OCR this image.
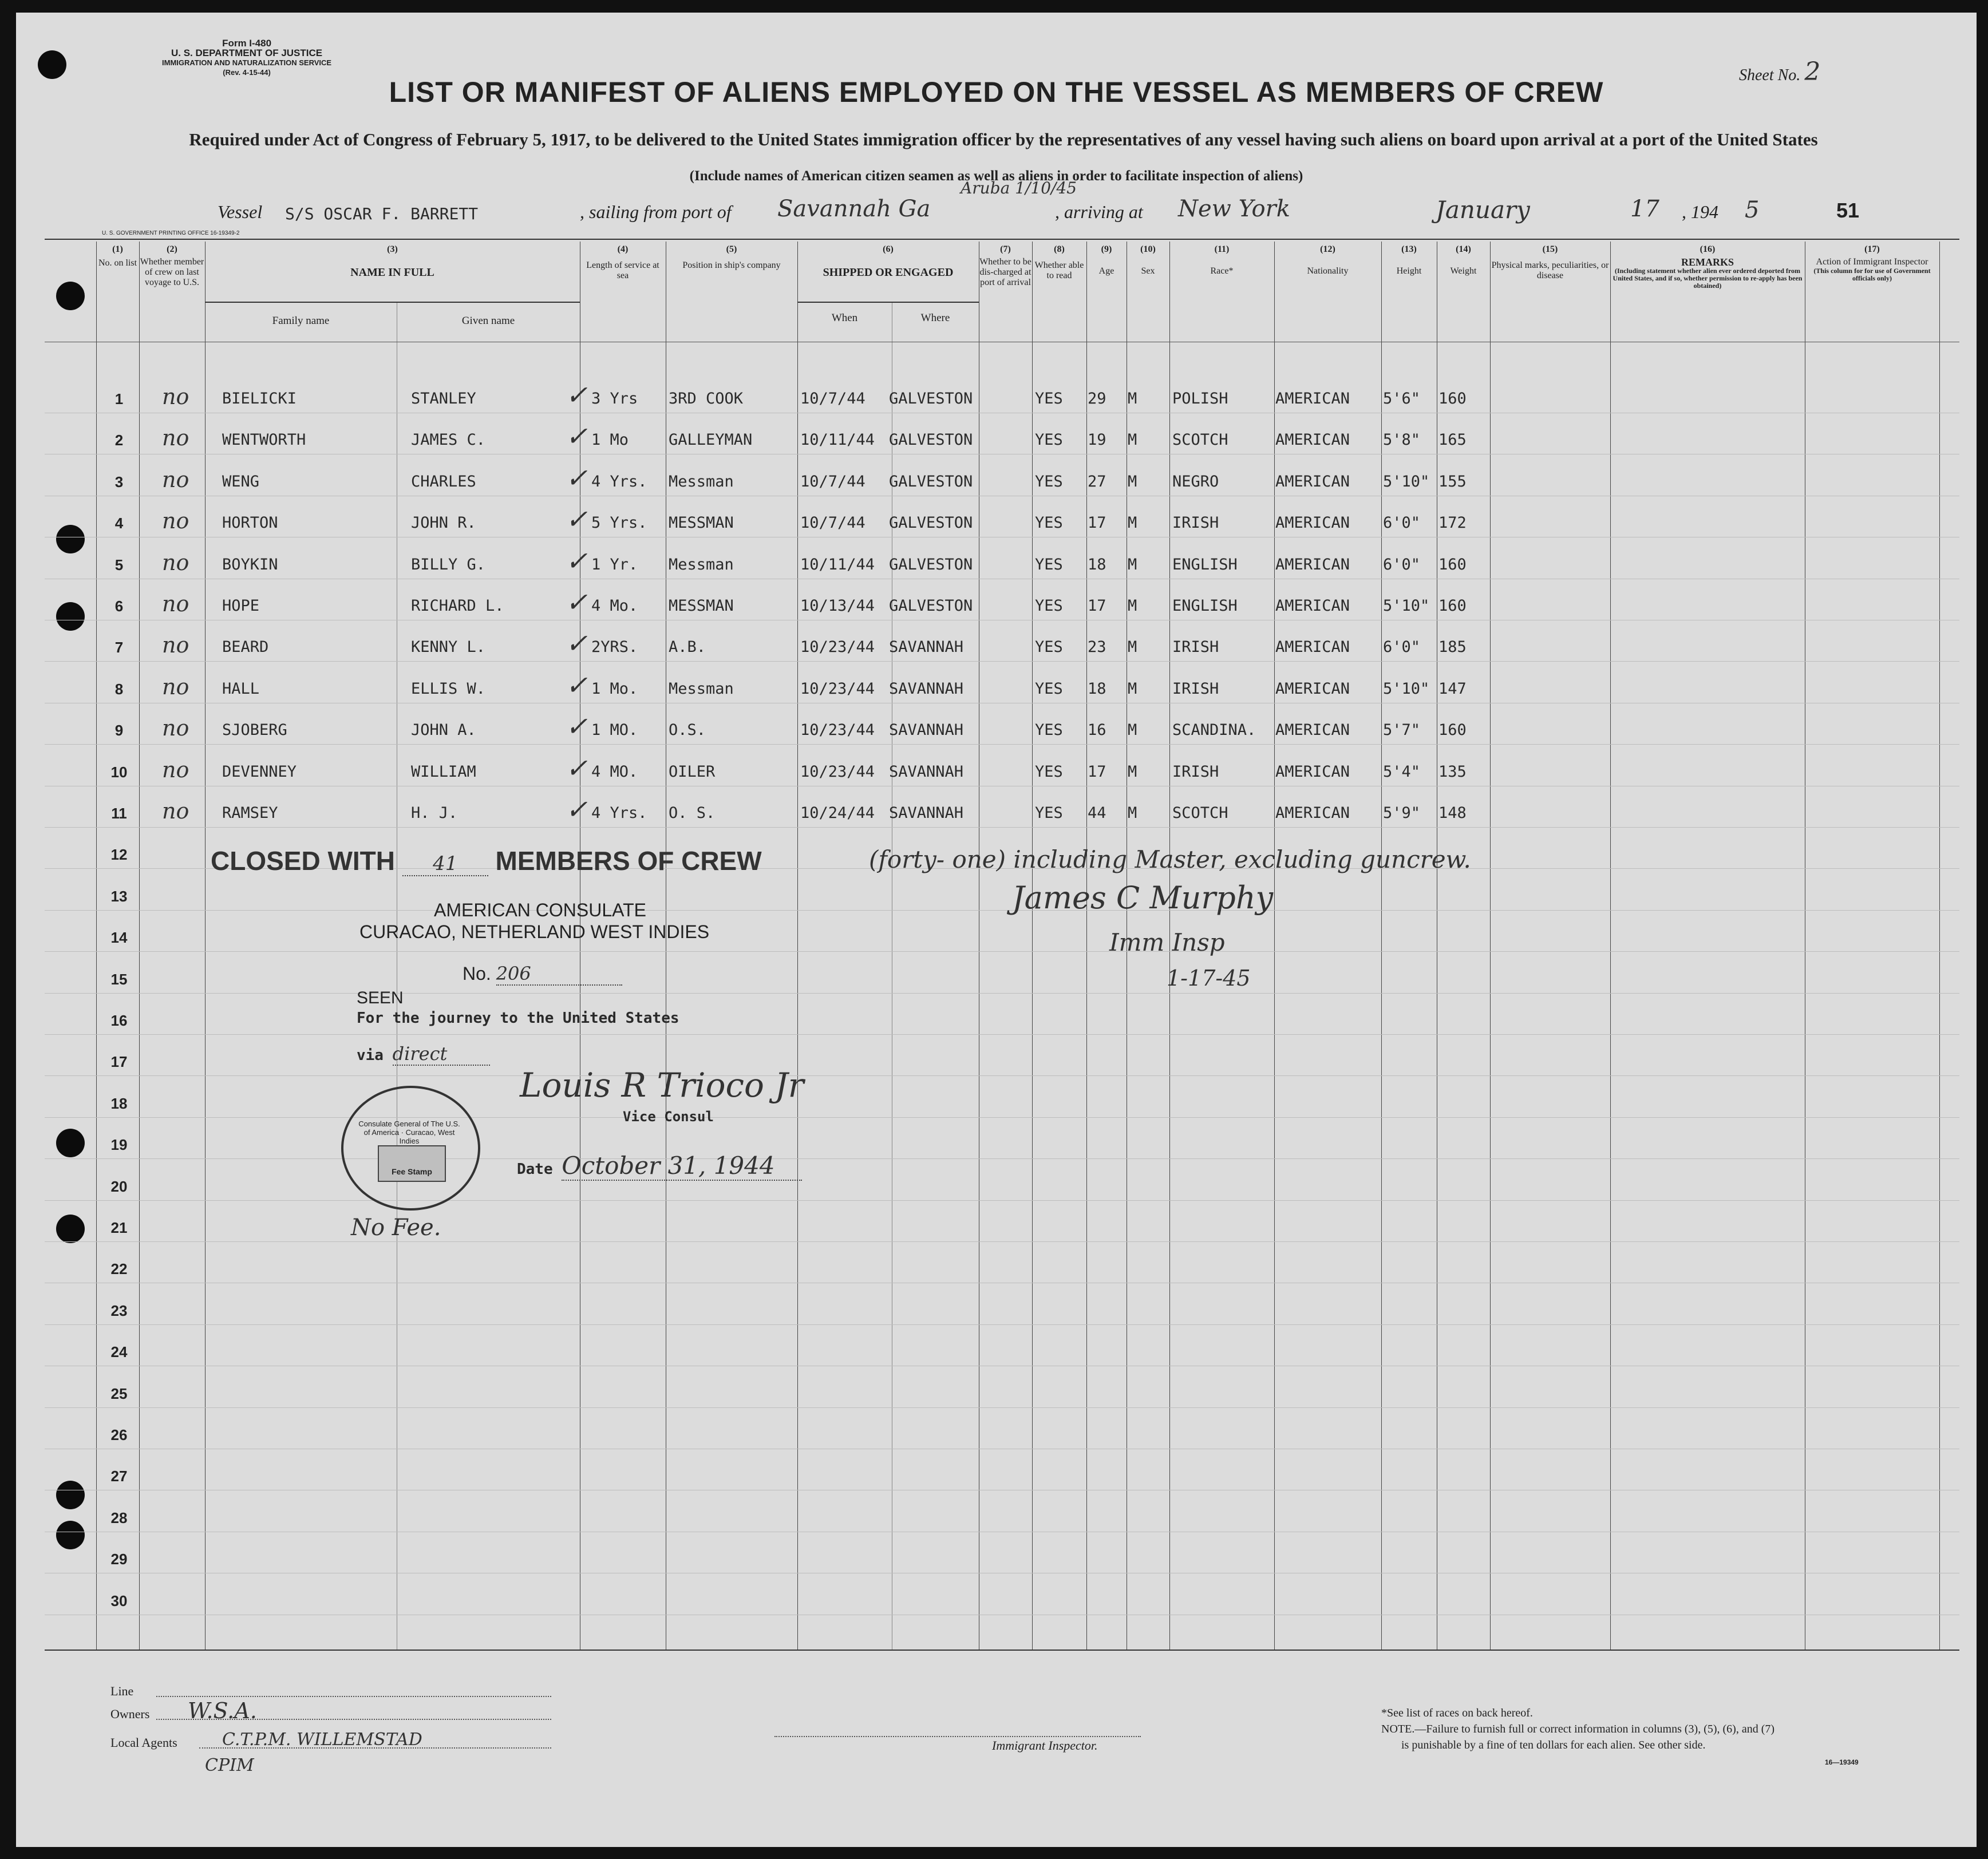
Form I-480
U. S. DEPARTMENT OF JUSTICE
IMMIGRATION AND NATURALIZATION SERVICE
(Rev. 4-15-44)	Sheet No. 2
LIST OR MANIFEST OF ALIENS EMPLOYED ON THE VESSEL AS MEMBERS OF CREW
Required under Act of Congress of February 5, 1917, to be delivered to the United States immigration officer by the representatives of any vessel having such aliens on board upon arrival at a port of the United States
(Include names of American citizen seamen as well as aliens in order to facilitate inspection of aliens)
Vessel S/S OSCAR F. BARRETT	, sailing from port of Savannah Ga
Aruba 1/10/45
, arriving at New York	January	17 , 194 5	51
U. S. GOVERNMENT PRINTING OFFICE 16-19349-2
(1)
No. on list
(2)
Whether member of crew on last voyage to U.S.
(3)
NAME IN FULL
Family name	Given name
(4)
Length of service at sea
(5)
Position in ship's company
(6)
SHIPPED OR ENGAGED
When	Where
(7)
Whether to be dis-charged at port of arrival
(8)
Whether able to read
(9)
Age
(10)
Sex
(11)
Race*
(12)
Nationality
(13)
Height
(14)
Weight
(15)
Physical marks, peculiarities, or disease
(16)
REMARKS
(Including statement whether alien ever ordered deported from United States, and if so, whether permission to re-apply has been obtained)
(17)
Action of Immigrant Inspector
(This column for for use of Government officials only)
1
2
3
4
5
6
7
8
9
10
11
12
13
14
15
16
17
18
19
20
21
22
23
24
25
26
27
28
29
30
no	BIELICKI	STANLEY	3 Yrs	3RD COOK	10/7/44	GALVESTON	YES	29	M	POLISH	AMERICAN	5'6"	160
✓
no	WENTWORTH	JAMES C.	1 Mo	GALLEYMAN	10/11/44 GALVESTON	YES	19	M	SCOTCH	AMERICAN	5'8"	165
✓
no	WENG	CHARLES	4 Yrs.	Messman	10/7/44	GALVESTON	YES	27	M	NEGRO	AMERICAN	5'10" 155
✓
no	HORTON	JOHN R.	5 Yrs.	MESSMAN	10/7/44	GALVESTON	YES	17	M	IRISH	AMERICAN	6'0"	172
✓
no	BOYKIN	BILLY G.	1 Yr.	Messman	10/11/44 GALVESTON	YES	18	M	ENGLISH	AMERICAN	6'0"	160
✓
no	HOPE	RICHARD L.	4 Mo.	MESSMAN	10/13/44 GALVESTON	YES	17	M	ENGLISH	AMERICAN	5'10" 160
✓
no	BEARD	KENNY L.	2YRS.	A.B.	10/23/44 SAVANNAH	YES	23	M	IRISH	AMERICAN	6'0"	185
✓
no	HALL	ELLIS W.	1 Mo.	Messman	10/23/44 SAVANNAH	YES	18	M	IRISH	AMERICAN	5'10" 147
✓
no	SJOBERG	JOHN A.	1 MO.	O.S.	10/23/44 SAVANNAH	YES	16	M	SCANDINA.	AMERICAN	5'7"	160
✓
no	DEVENNEY	WILLIAM	4 MO.	OILER	10/23/44 SAVANNAH	YES	17	M	IRISH	AMERICAN	5'4"	135
✓
no	RAMSEY	H. J.	4 Yrs.	O. S.	10/24/44 SAVANNAH	YES	44	M	SCOTCH	AMERICAN	5'9"	148
✓
CLOSED WITH 41 MEMBERS OF CREW	(forty- one) including Master, excluding guncrew.
James C Murphy
Imm Insp
1-17-45
AMERICAN CONSULATE
CURACAO, NETHERLAND WEST INDIES
No. 206
SEEN
For the journey to the United States
via direct
Louis R Trioco Jr
Vice Consul
Date October 31, 1944
Consulate General of The U.S. of America · Curacao, West Indies
Fee Stamp
No Fee.
Line
Owners W.S.A.
Local Agents	C.T.P.M. WILLEMSTAD
CPIM
Immigrant Inspector.
*See list of races on back hereof.
NOTE.—Failure to furnish full or correct information in columns (3), (5), (6), and (7)
is punishable by a fine of ten dollars for each alien. See other side.
16—19349
